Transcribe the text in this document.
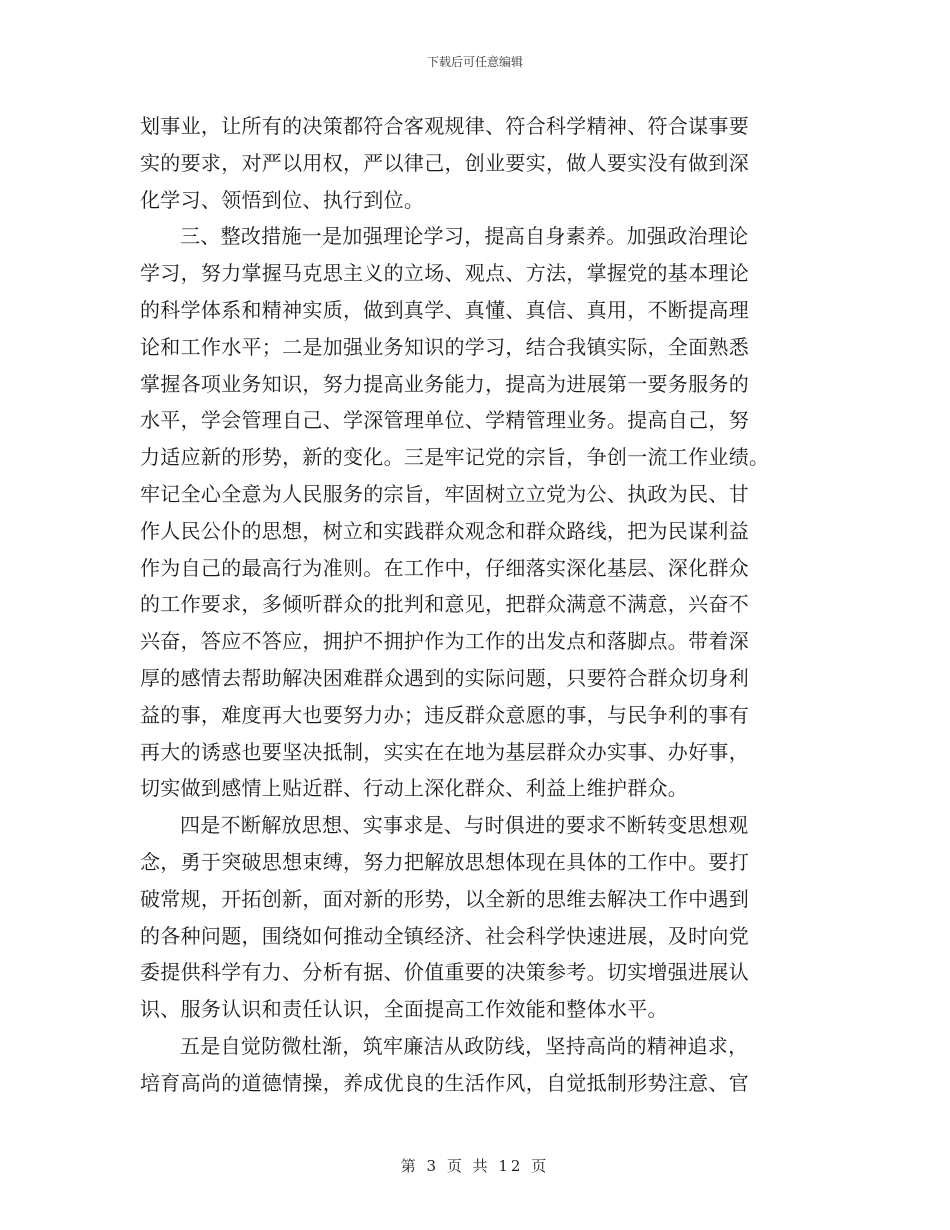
下载后可任意编辑
划事业，让所有的决策都符合客观规律、符合科学精神、符合谋事要
实的要求，对严以用权，严以律己，创业要实，做人要实没有做到深
化学习、领悟到位、执行到位。
三、整改措施一是加强理论学习，提高自身素养。加强政治理论
学习，努力掌握马克思主义的立场、观点、方法，掌握党的基本理论
的科学体系和精神实质，做到真学、真懂、真信、真用，不断提高理
论和工作水平；二是加强业务知识的学习，结合我镇实际，全面熟悉
掌握各项业务知识，努力提高业务能力，提高为进展第一要务服务的
水平，学会管理自己、学深管理单位、学精管理业务。提高自己，努
力适应新的形势，新的变化。三是牢记党的宗旨，争创一流工作业绩。
牢记全心全意为人民服务的宗旨，牢固树立立党为公、执政为民、甘
作人民公仆的思想，树立和实践群众观念和群众路线，把为民谋利益
作为自己的最高行为准则。在工作中，仔细落实深化基层、深化群众
的工作要求，多倾听群众的批判和意见，把群众满意不满意，兴奋不
兴奋，答应不答应，拥护不拥护作为工作的出发点和落脚点。带着深
厚的感情去帮助解决困难群众遇到的实际问题，只要符合群众切身利
益的事，难度再大也要努力办；违反群众意愿的事，与民争利的事有
再大的诱惑也要坚决抵制，实实在在地为基层群众办实事、办好事，
切实做到感情上贴近群、行动上深化群众、利益上维护群众。
四是不断解放思想、实事求是、与时俱进的要求不断转变思想观
念，勇于突破思想束缚，努力把解放思想体现在具体的工作中。要打
破常规，开拓创新，面对新的形势，以全新的思维去解决工作中遇到
的各种问题，围绕如何推动全镇经济、社会科学快速进展，及时向党
委提供科学有力、分析有据、价值重要的决策参考。切实增强进展认
识、服务认识和责任认识，全面提高工作效能和整体水平。
五是自觉防微杜渐，筑牢廉洁从政防线，坚持高尚的精神追求，
培育高尚的道德情操，养成优良的生活作风，自觉抵制形势注意、官
第 3 页 共 12 页
